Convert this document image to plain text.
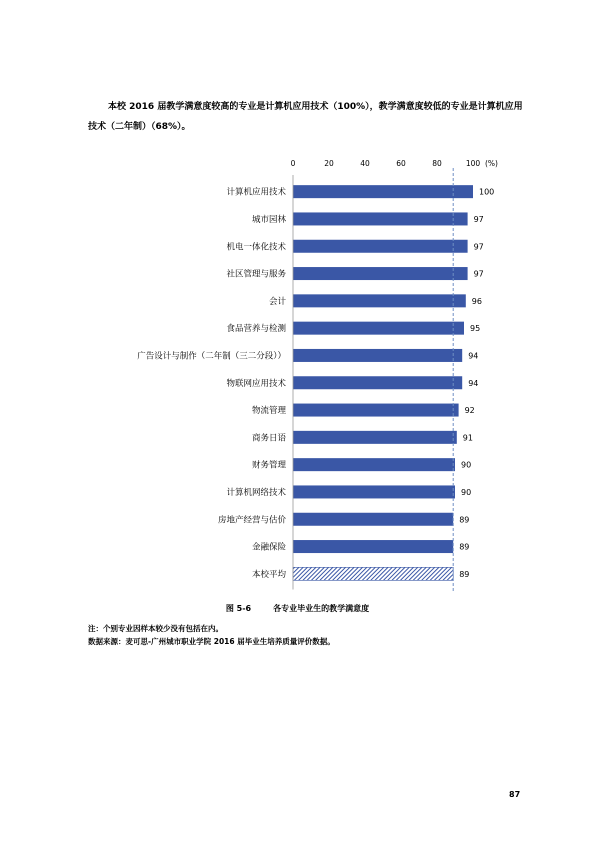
本校 2016 届教学满意度较高的专业是计算机应用技术（100%），教学满意度较低的专业是计算机应用技术（二年制）（68%）。

0	20	40	60	80	100 (%)
计算机应用技术
城市园林
机电一体化技术
社区管理与服务
会计
食品营养与检测
广告设计与制作（二年制（三二分段））
物联网应用技术
物流管理
商务日语
财务管理
计算机网络技术
房地产经营与估价
金融保险
本校平均
100
97
97
97
96
95
94
94
92
91
90
90
89
89
89
图 5-6	各专业毕业生的教学满意度
注：个别专业因样本较少没有包括在内。
数据来源：麦可思-广州城市职业学院 2016 届毕业生培养质量评价数据。
87
